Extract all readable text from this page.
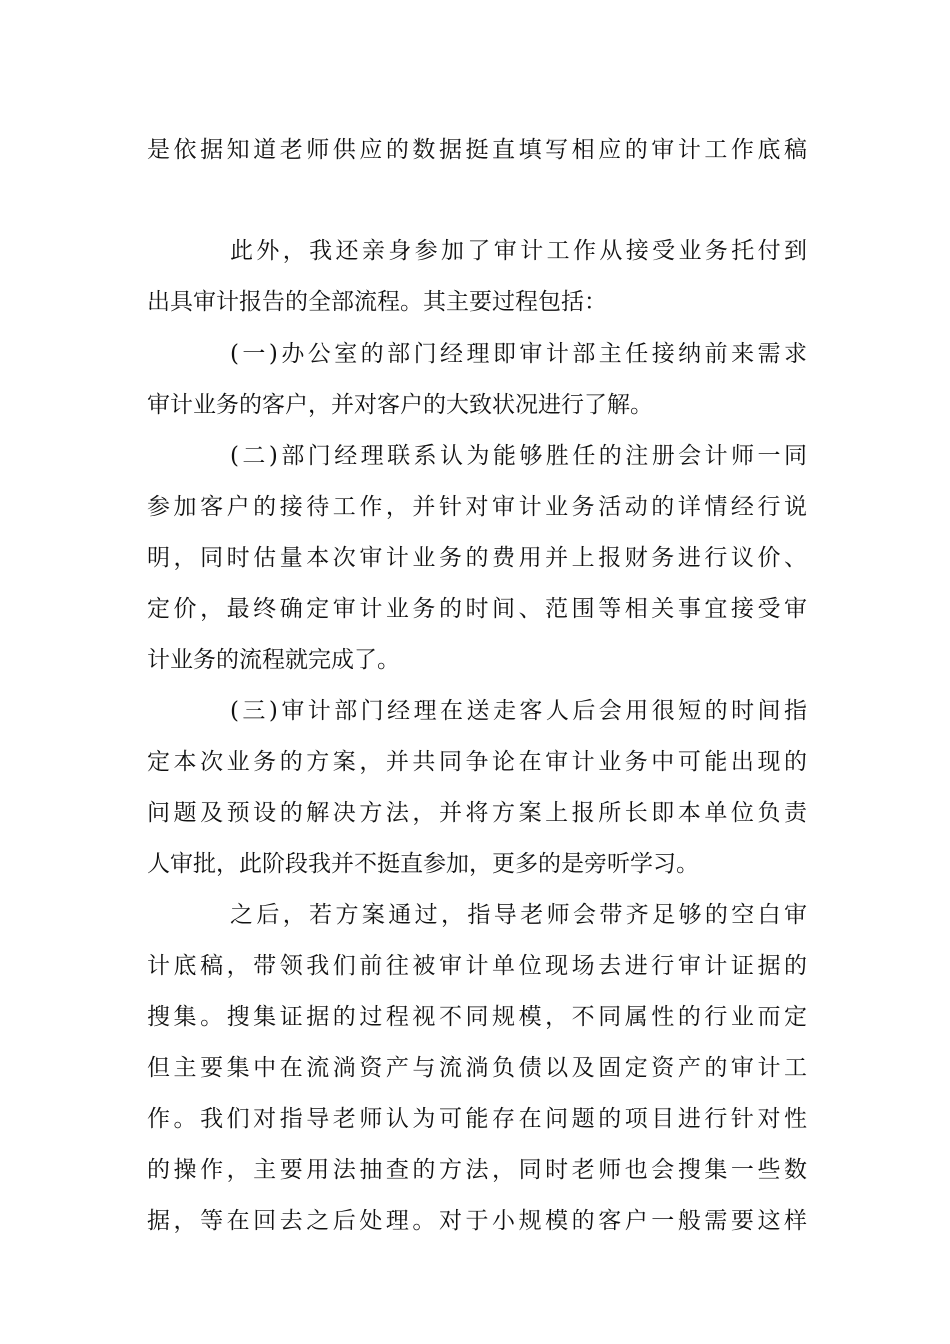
是依据知道老师供应的数据挺直填写相应的审计工作底稿
此外，我还亲身参加了审计工作从接受业务托付到
出具审计报告的全部流程。其主要过程包括：
(一)办公室的部门经理即审计部主任接纳前来需求
审计业务的客户，并对客户的大致状况进行了解。
(二)部门经理联系认为能够胜任的注册会计师一同
参加客户的接待工作，并针对审计业务活动的详情经行说
明，同时估量本次审计业务的费用并上报财务进行议价、
定价，最终确定审计业务的时间、范围等相关事宜接受审
计业务的流程就完成了。
(三)审计部门经理在送走客人后会用很短的时间指
定本次业务的方案，并共同争论在审计业务中可能出现的
问题及预设的解决方法，并将方案上报所长即本单位负责
人审批，此阶段我并不挺直参加，更多的是旁听学习。
之后，若方案通过，指导老师会带齐足够的空白审
计底稿，带领我们前往被审计单位现场去进行审计证据的
搜集。搜集证据的过程视不同规模，不同属性的行业而定
但主要集中在流淌资产与流淌负债以及固定资产的审计工
作。我们对指导老师认为可能存在问题的项目进行针对性
的操作，主要用法抽查的方法，同时老师也会搜集一些数
据，等在回去之后处理。对于小规模的客户一般需要这样
